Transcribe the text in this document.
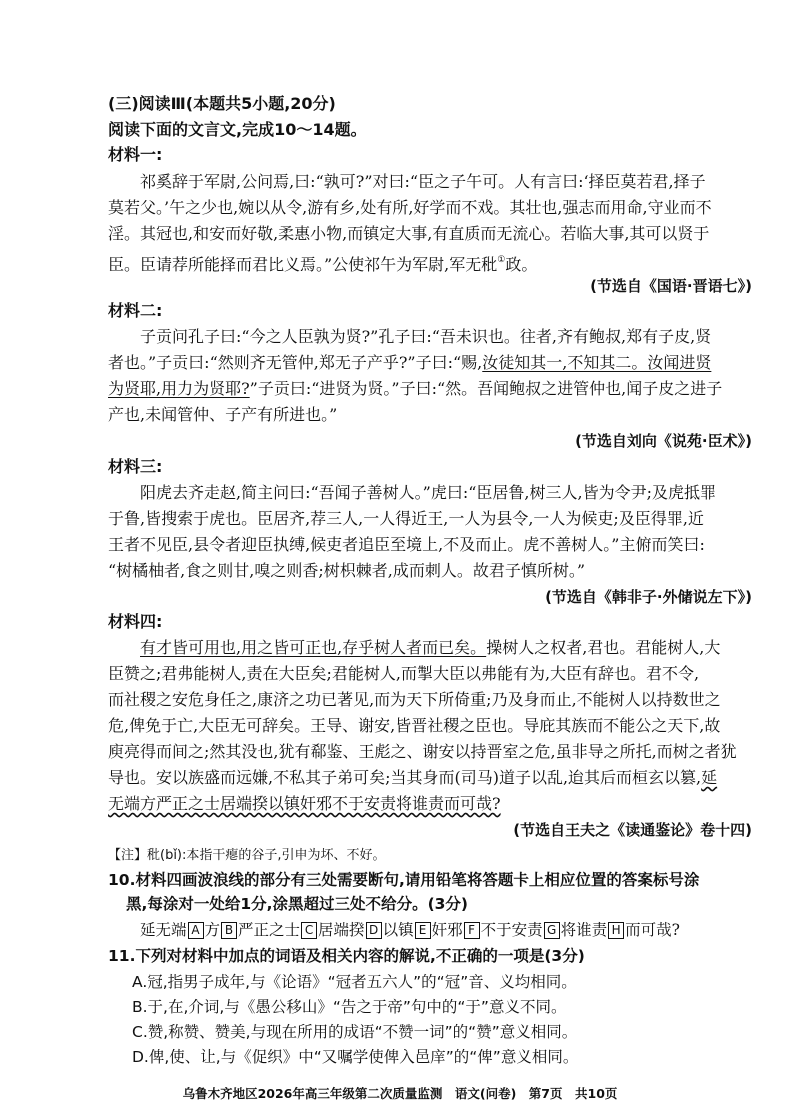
(三)阅读Ⅲ(本题共5小题,20分)
阅读下面的文言文,完成10～14题。
材料一:
祁奚辞于军尉,公问焉,曰:“孰可?”对曰:“臣之子午可。人有言曰:‘择臣莫若君,择子
莫若父。’午之少也,婉以从令,游有乡,处有所,好学而不戏。其壮也,强志而用命,守业而不
淫。其冠也,和安而好敬,柔惠小物,而镇定大事,有直质而无流心。若临大事,其可以贤于
臣。臣请荐所能择而君比义焉。”公使祁午为军尉,军无秕①政。
(节选自《国语·晋语七》)
材料二:
子贡问孔子曰:“今之人臣孰为贤?”孔子曰:“吾未识也。往者,齐有鲍叔,郑有子皮,贤
者也。”子贡曰:“然则齐无管仲,郑无子产乎?”子曰:“赐,汝徒知其一,不知其二。汝闻进贤
为贤耶,用力为贤耶?”子贡曰:“进贤为贤。”子曰:“然。吾闻鲍叔之进管仲也,闻子皮之进子
产也,未闻管仲、子产有所进也。”
(节选自刘向《说苑·臣术》)
材料三:
阳虎去齐走赵,简主问曰:“吾闻子善树人。”虎曰:“臣居鲁,树三人,皆为令尹;及虎抵罪
于鲁,皆搜索于虎也。臣居齐,荐三人,一人得近王,一人为县令,一人为候吏;及臣得罪,近
王者不见臣,县令者迎臣执缚,候吏者追臣至境上,不及而止。虎不善树人。”主俯而笑曰:
“树橘柚者,食之则甘,嗅之则香;树枳棘者,成而刺人。故君子慎所树。”
(节选自《韩非子·外储说左下》)
材料四:
有才皆可用也,用之皆可正也,存乎树人者而已矣。操树人之权者,君也。君能树人,大
臣赞之;君弗能树人,责在大臣矣;君能树人,而掣大臣以弗能有为,大臣有辞也。君不令,
而社稷之安危身任之,康济之功已著见,而为天下所倚重;乃及身而止,不能树人以持数世之
危,俾免于亡,大臣无可辞矣。王导、谢安,皆晋社稷之臣也。导庇其族而不能公之天下,故
庾亮得而间之;然其没也,犹有郗鉴、王彪之、谢安以持晋室之危,虽非导之所托,而树之者犹
导也。安以族盛而远嫌,不私其子弟可矣;当其身而(司马)道子以乱,迨其后而桓玄以篡,延
无端方严正之士居端揆以镇奸邪不于安责将谁责而可哉?
(节选自王夫之《读通鉴论》卷十四)
【注】秕(bǐ):本指干瘪的谷子,引申为坏、不好。
10.材料四画波浪线的部分有三处需要断句,请用铅笔将答题卡上相应位置的答案标号涂
黑,每涂对一处给1分,涂黑超过三处不给分。(3分)
延无端 A 方 B 严正之士 C 居端揆 D 以镇 E 奸邪 F 不于安责 G 将谁责 H 而可哉?
11.下列对材料中加点的词语及相关内容的解说,不正确的一项是(3分)
A.冠,指男子成年,与《论语》“冠者五六人”的“冠”音、义均相同。
乌鲁木齐地区2026年高三年级第二次质量监测　语文(问卷)　第7页　共10页
B.于,在,介词,与《愚公移山》“告之于帝”句中的“于”意义不同。
C.赞,称赞、赞美,与现在所用的成语“不赞一词”的“赞”意义相同。
D.俾,使、让,与《促织》中“又嘱学使俾入邑庠”的“俾”意义相同。
